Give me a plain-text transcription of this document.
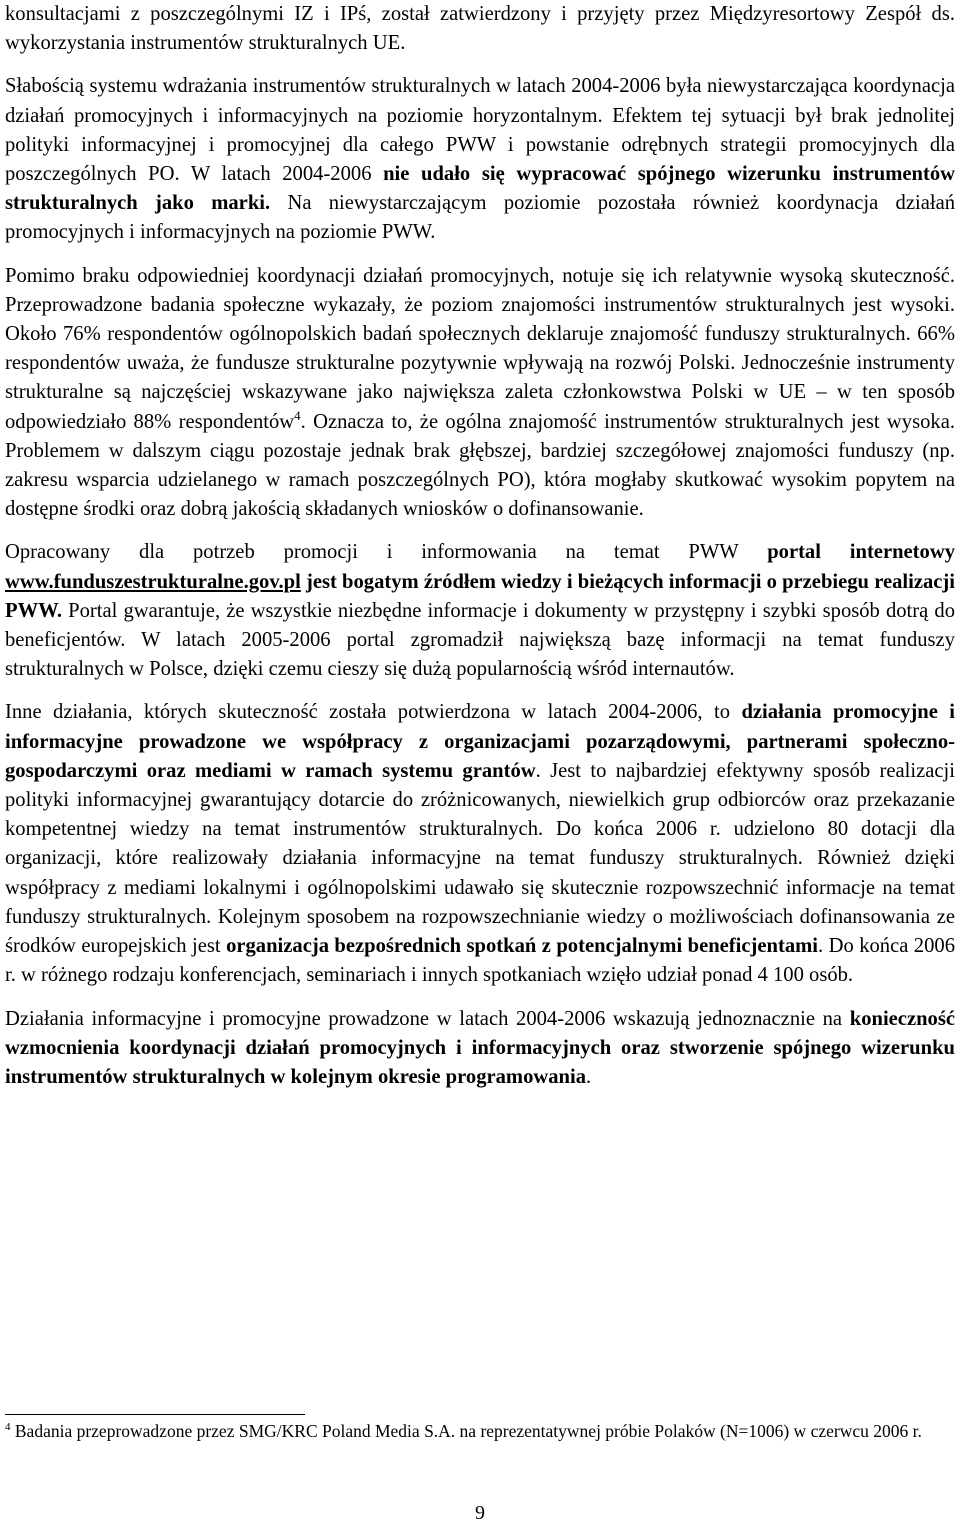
konsultacjami z poszczególnymi IZ i IPś, został zatwierdzony i przyjęty przez Międzyresortowy Zespół ds. wykorzystania instrumentów strukturalnych UE.

Słabością systemu wdrażania instrumentów strukturalnych w latach 2004-2006 była niewystarczająca koordynacja działań promocyjnych i informacyjnych na poziomie horyzontalnym. Efektem tej sytuacji był brak jednolitej polityki informacyjnej i promocyjnej dla całego PWW i powstanie odrębnych strategii promocyjnych dla poszczególnych PO. W latach 2004-2006 nie udało się wypracować spójnego wizerunku instrumentów strukturalnych jako marki. Na niewystarczającym poziomie pozostała również koordynacja działań promocyjnych i informacyjnych na poziomie PWW.

Pomimo braku odpowiedniej koordynacji działań promocyjnych, notuje się ich relatywnie wysoką skuteczność. Przeprowadzone badania społeczne wykazały, że poziom znajomości instrumentów strukturalnych jest wysoki. Około 76% respondentów ogólnopolskich badań społecznych deklaruje znajomość funduszy strukturalnych. 66% respondentów uważa, że fundusze strukturalne pozytywnie wpływają na rozwój Polski. Jednocześnie instrumenty strukturalne są najczęściej wskazywane jako największa zaleta członkowstwa Polski w UE – w ten sposób odpowiedziało 88% respondentów$^4$. Oznacza to, że ogólna znajomość instrumentów strukturalnych jest wysoka. Problemem w dalszym ciągu pozostaje jednak brak głębszej, bardziej szczegółowej znajomości funduszy (np. zakresu wsparcia udzielanego w ramach poszczególnych PO), która mogłaby skutkować wysokim popytem na dostępne środki oraz dobrą jakością składanych wniosków o dofinansowanie.

Opracowany dla potrzeb promocji i informowania na temat PWW portal internetowy www.funduszestrukturalne.gov.pl jest bogatym źródłem wiedzy i bieżących informacji o przebiegu realizacji PWW. Portal gwarantuje, że wszystkie niezbędne informacje i dokumenty w przystępny i szybki sposób dotrą do beneficjentów. W latach 2005-2006 portal zgromadził największą bazę informacji na temat funduszy strukturalnych w Polsce, dzięki czemu cieszy się dużą popularnością wśród internautów.

Inne działania, których skuteczność została potwierdzona w latach 2004-2006, to działania promocyjne i informacyjne prowadzone we współpracy z organizacjami pozarządowymi, partnerami społeczno-gospodarczymi oraz mediami w ramach systemu grantów. Jest to najbardziej efektywny sposób realizacji polityki informacyjnej gwarantujący dotarcie do zróżnicowanych, niewielkich grup odbiorców oraz przekazanie kompetentnej wiedzy na temat instrumentów strukturalnych. Do końca 2006 r. udzielono 80 dotacji dla organizacji, które realizowały działania informacyjne na temat funduszy strukturalnych. Również dzięki współpracy z mediami lokalnymi i ogólnopolskimi udawało się skutecznie rozpowszechnić informacje na temat funduszy strukturalnych. Kolejnym sposobem na rozpowszechnianie wiedzy o możliwościach dofinansowania ze środków europejskich jest organizacja bezpośrednich spotkań z potencjalnymi beneficjentami. Do końca 2006 r. w różnego rodzaju konferencjach, seminariach i innych spotkaniach wzięło udział ponad 4 100 osób.

Działania informacyjne i promocyjne prowadzone w latach 2004-2006 wskazują jednoznacznie na konieczność wzmocnienia koordynacji działań promocyjnych i informacyjnych oraz stworzenie spójnego wizerunku instrumentów strukturalnych w kolejnym okresie programowania.

$^4$ Badania przeprowadzone przez SMG/KRC Poland Media S.A. na reprezentatywnej próbie Polaków (N=1006) w czerwcu 2006 r.

9
